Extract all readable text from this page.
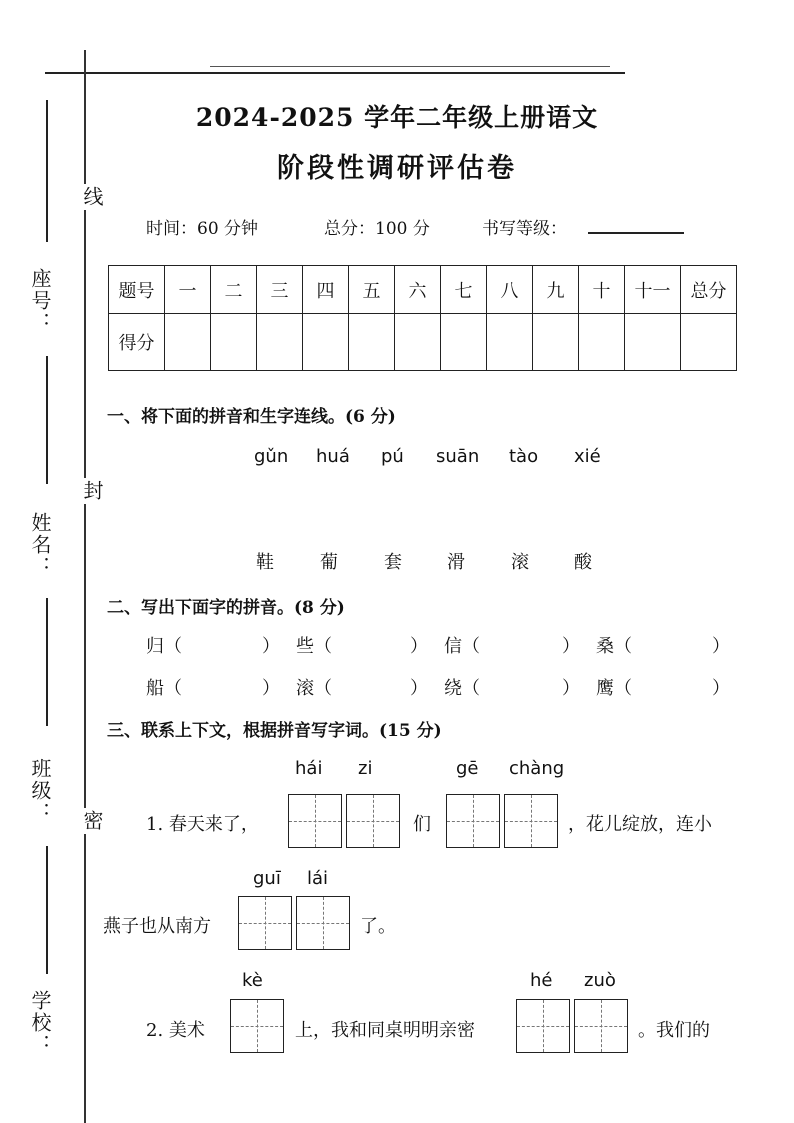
座号：
姓名：
班级：
学校：
线
封
密
2024-2025 学年二年级上册语文
阶段性调研评估卷
时间：60 分钟	总分：100 分	书写等级：
题号	一	二	三	四	五	六	七	八	九	十	十一	总分
得分												
一、将下面的拼音和生字连线。(6 分)
gǔn huá pú suān tào xié
鞋	葡	套	滑	滚	酸
二、写出下面字的拼音。(8 分)
归（	） 些（	） 信（	） 桑（	）
船（	） 滚（	） 绕（	） 鹰（	）
三、联系上下文，根据拼音写字词。(15 分)
hái zi	gē chàng
1. 春天来了，	们	，花儿绽放，连小
guī lái
燕子也从南方	了。
kè	hé zuò
2. 美术	上，我和同桌明明亲密	。我们的
